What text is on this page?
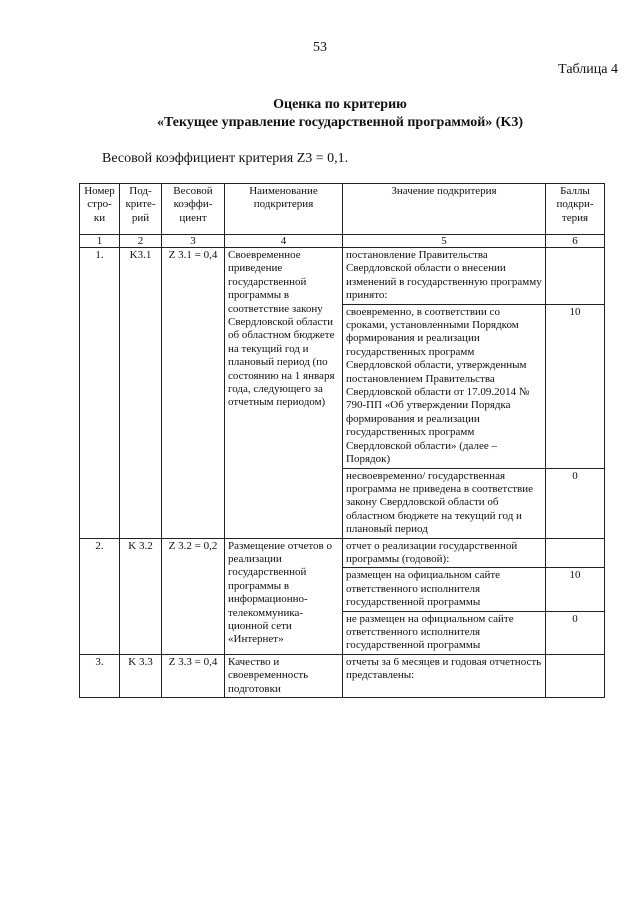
53
Таблица 4
Оценка по критерию
«Текущее управление государственной программой» (K3)
Весовой коэффициент критерия Z3 = 0,1.
Номер стро-ки	Под-крите-рий	Весовой коэффи-циент	Наименование подкритерия	Значение подкритерия	Баллы подкри-терия
1	2	3	4	5	6
1.	K3.1	Z 3.1 = 0,4	Своевременное приведение государственной программы в соответствие закону Свердловской области об областном бюджете на текущий год и плановый период (по состоянию на 1 января года, следующего за отчетным периодом)	постановление Правительства Свердловской области о внесении изменений в государственную программу принято:	
				своевременно, в соответствии со сроками, установленными Порядком формирования и реализации государственных программ Свердловской области, утвержденным постановлением Правительства Свердловской области от 17.09.2014 № 790-ПП «Об утверждении Порядка формирования и реализации государственных программ Свердловской области» (далее – Порядок)	10
				несвоевременно/ государственная программа не приведена в соответствие закону Свердловской области об областном бюджете на текущий год и плановый период	0
2.	K 3.2	Z 3.2 = 0,2	Размещение отчетов о реализации государственной программы в информационно-телекоммуника-ционной сети «Интернет»	отчет о реализации государственной программы (годовой):	
				размещен на официальном сайте ответственного исполнителя государственной программы	10
				не размещен на официальном сайте ответственного исполнителя государственной программы	0
3.	K 3.3	Z 3.3 = 0,4	Качество и своевременность подготовки	отчеты за 6 месяцев и годовая отчетность представлены:	
